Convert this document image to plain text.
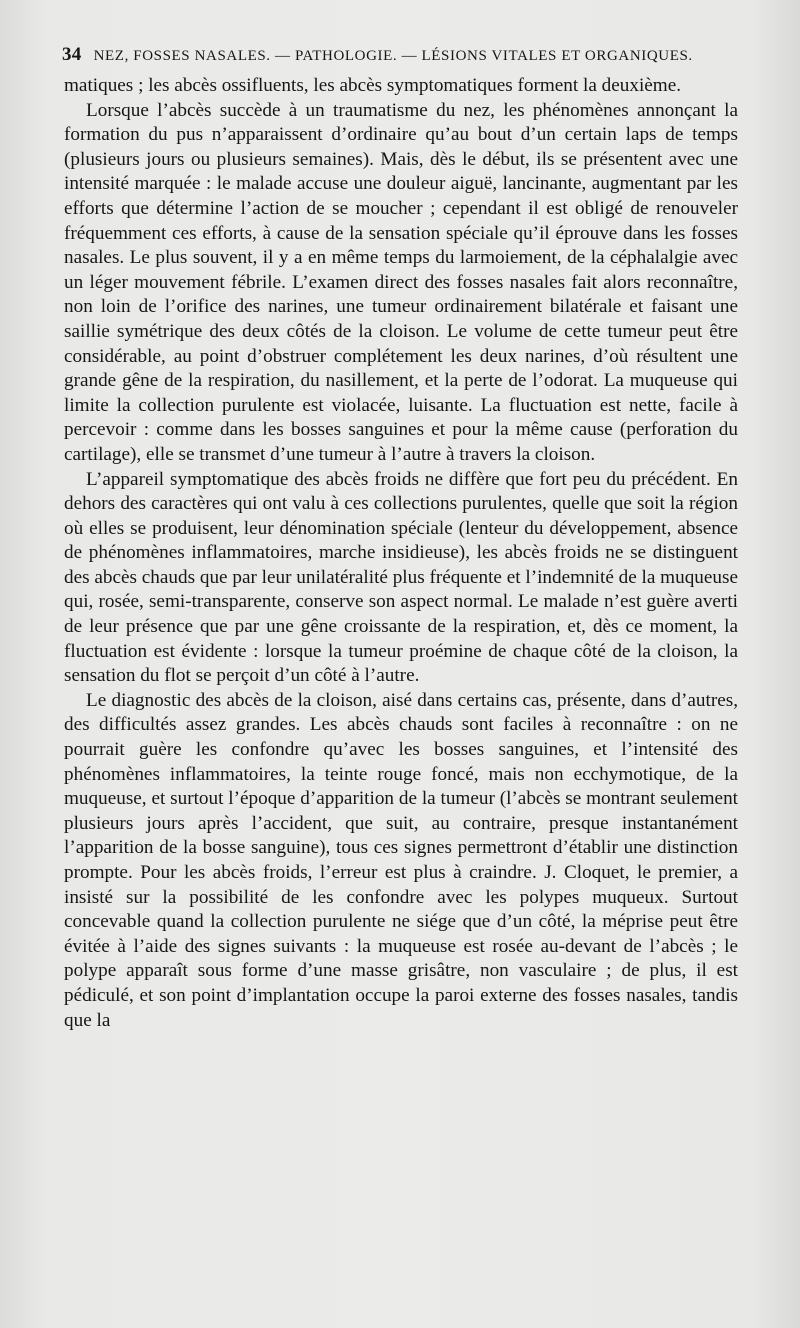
34 NEZ, FOSSES NASALES. — PATHOLOGIE. — LÉSIONS VITALES ET ORGANIQUES.

matiques ; les abcès ossifluents, les abcès symptomatiques forment la deuxième.

Lorsque l’abcès succède à un traumatisme du nez, les phénomènes annonçant la formation du pus n’apparaissent d’ordinaire qu’au bout d’un certain laps de temps (plusieurs jours ou plusieurs semaines). Mais, dès le début, ils se présentent avec une intensité marquée : le malade accuse une douleur aiguë, lancinante, augmentant par les efforts que détermine l’action de se moucher ; cependant il est obligé de renouveler fréquemment ces efforts, à cause de la sensation spéciale qu’il éprouve dans les fosses nasales. Le plus souvent, il y a en même temps du larmoiement, de la céphalalgie avec un léger mouvement fébrile. L’examen direct des fosses nasales fait alors reconnaître, non loin de l’orifice des narines, une tumeur ordinairement bilatérale et faisant une saillie symétrique des deux côtés de la cloison. Le volume de cette tumeur peut être considérable, au point d’obstruer complétement les deux narines, d’où résultent une grande gêne de la respiration, du nasillement, et la perte de l’odorat. La muqueuse qui limite la collection purulente est violacée, luisante. La fluctuation est nette, facile à percevoir : comme dans les bosses sanguines et pour la même cause (perforation du cartilage), elle se transmet d’une tumeur à l’autre à travers la cloison.

L’appareil symptomatique des abcès froids ne diffère que fort peu du précédent. En dehors des caractères qui ont valu à ces collections purulentes, quelle que soit la région où elles se produisent, leur dénomination spéciale (lenteur du développement, absence de phénomènes inflammatoires, marche insidieuse), les abcès froids ne se distinguent des abcès chauds que par leur unilatéralité plus fréquente et l’indemnité de la muqueuse qui, rosée, semi-transparente, conserve son aspect normal. Le malade n’est guère averti de leur présence que par une gêne croissante de la respiration, et, dès ce moment, la fluctuation est évidente : lorsque la tumeur proémine de chaque côté de la cloison, la sensation du flot se perçoit d’un côté à l’autre.

Le diagnostic des abcès de la cloison, aisé dans certains cas, présente, dans d’autres, des difficultés assez grandes. Les abcès chauds sont faciles à reconnaître : on ne pourrait guère les confondre qu’avec les bosses sanguines, et l’intensité des phénomènes inflammatoires, la teinte rouge foncé, mais non ecchymotique, de la muqueuse, et surtout l’époque d’apparition de la tumeur (l’abcès se montrant seulement plusieurs jours après l’accident, que suit, au contraire, presque instantanément l’apparition de la bosse sanguine), tous ces signes permettront d’établir une distinction prompte. Pour les abcès froids, l’erreur est plus à craindre. J. Cloquet, le premier, a insisté sur la possibilité de les confondre avec les polypes muqueux. Surtout concevable quand la collection purulente ne siége que d’un côté, la méprise peut être évitée à l’aide des signes suivants : la muqueuse est rosée au-devant de l’abcès ; le polype apparaît sous forme d’une masse grisâtre, non vasculaire ; de plus, il est pédiculé, et son point d’implantation occupe la paroi externe des fosses nasales, tandis que la
